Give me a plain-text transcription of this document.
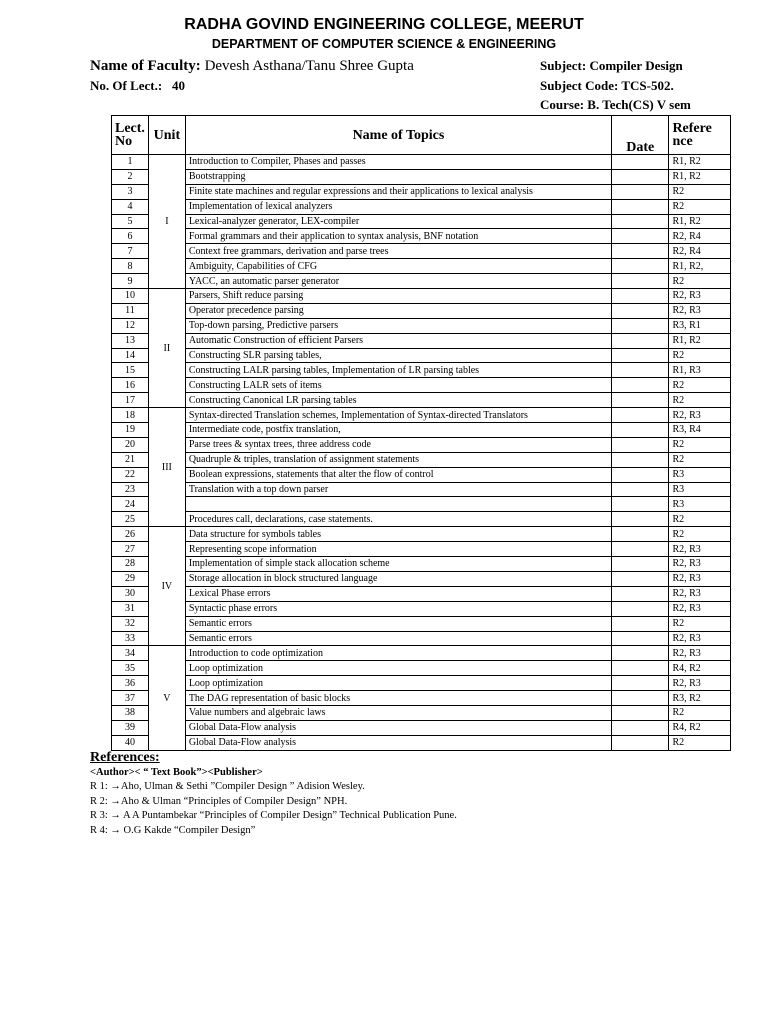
RADHA GOVIND ENGINEERING COLLEGE, MEERUT
DEPARTMENT OF COMPUTER SCIENCE & ENGINEERING
Name of Faculty: Devesh Asthana/Tanu Shree Gupta
No. Of Lect.: 40
Subject: Compiler Design
Subject Code: TCS-502.
Course: B. Tech(CS) V sem
Lect. No	Unit	Name of Topics	Date	Refere nce
1	I	Introduction to Compiler, Phases and passes		R1, R2
2		Bootstrapping		R1, R2
3		Finite state machines and regular expressions and their applications to lexical analysis		R2
4		Implementation of lexical analyzers		R2
5		Lexical-analyzer generator, LEX-compiler		R1, R2
6		Formal grammars and their application to syntax analysis, BNF notation		R2, R4
7		Context free grammars, derivation and parse trees		R2, R4
8		Ambiguity, Capabilities of CFG		R1, R2,
9		YACC, an automatic parser generator		R2
10	II	Parsers, Shift reduce parsing		R2, R3
11		Operator precedence parsing		R2, R3
12		Top-down parsing, Predictive parsers		R3, R1
13		Automatic Construction of efficient Parsers		R1, R2
14		Constructing SLR parsing tables,		R2
15		Constructing LALR parsing tables, Implementation of LR parsing tables		R1, R3
16		Constructing LALR sets of items		R2
17		Constructing Canonical LR parsing tables		R2
18	III	Syntax-directed Translation schemes, Implementation of Syntax-directed Translators		R2, R3
19		Intermediate code, postfix translation,		R3, R4
20		Parse trees & syntax trees, three address code		R2
21		Quadruple & triples, translation of assignment statements		R2
22		Boolean expressions, statements that alter the flow of control		R3
23		Translation with a top down parser		R3
24				R3
25		Procedures call, declarations, case statements.		R2
26	IV	Data structure for symbols tables		R2
27		Representing scope information		R2, R3
28		Implementation of simple stack allocation scheme		R2, R3
29		Storage allocation in block structured language		R2, R3
30		Lexical Phase errors		R2, R3
31		Syntactic phase errors		R2, R3
32		Semantic errors		R2
33		Semantic errors		R2, R3
34	V	Introduction to code optimization		R2, R3
35		Loop optimization		R4, R2
36		Loop optimization		R2, R3
37		The DAG representation of basic blocks		R3, R2
38		Value numbers and algebraic laws		R2
39		Global Data-Flow analysis		R4, R2
40		Global Data-Flow analysis		R2
References:
<Author>< “ Text Book”><Publisher>
R 1: →Aho, Ulman & Sethi ”Compiler Design ” Adision Wesley.
R 2: →Aho & Ulman “Principles of Compiler Design” NPH.
R 3: → A A Puntambekar “Principles of Compiler Design” Technical Publication Pune.
R 4: → O.G Kakde “Compiler Design”
